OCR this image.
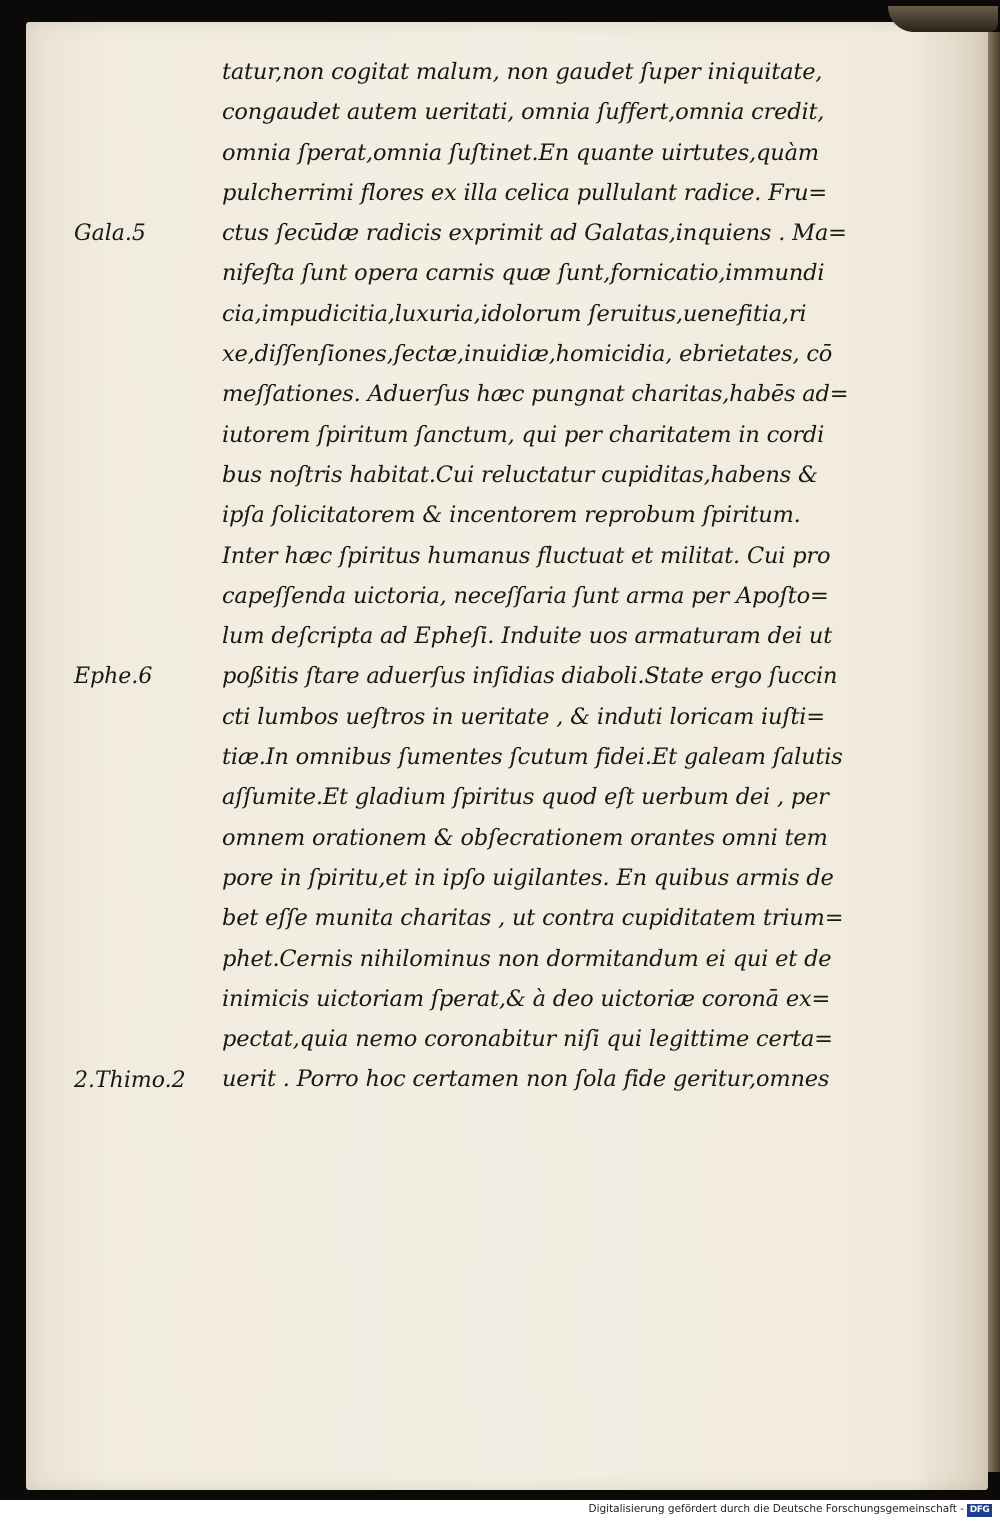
Gala.5
Ephe.6
2.Thimo.2
tatur,non cogitat malum, non gaudet ſuper iniquitate,
congaudet autem ueritati, omnia ſuffert,omnia credit,
omnia ſperat,omnia ſuſtinet.En quante uirtutes,quàm
pulcherrimi flores ex illa celica pullulant radice. Fru=
ctus ſecūdæ radicis exprimit ad Galatas,inquiens . Ma=
nifeſta ſunt opera carnis quæ ſunt,fornicatio,immundi
cia,impudicitia,luxuria,idolorum ſeruitus,uenefitia,ri
xe,diſſenſiones,ſectæ,inuidiæ,homicidia, ebrietates, cō
meſſationes. Aduerſus hæc pungnat charitas,habēs ad=
iutorem ſpiritum ſanctum, qui per charitatem in cordi
bus noſtris habitat.Cui reluctatur cupiditas,habens &
ipſa ſolicitatorem & incentorem reprobum ſpiritum.
Inter hæc ſpiritus humanus fluctuat et militat. Cui pro
capeſſenda uictoria, neceſſaria ſunt arma per Apoſto=
lum deſcripta ad Epheſi. Induite uos armaturam dei ut
poßitis ſtare aduerſus inſidias diaboli.State ergo ſuccin
cti lumbos ueſtros in ueritate , & induti loricam iuſti=
tiæ.In omnibus ſumentes ſcutum fidei.Et galeam ſalutis
aſſumite.Et gladium ſpiritus quod eſt uerbum dei , per
omnem orationem & obſecrationem orantes omni tem
pore in ſpiritu,et in ipſo uigilantes. En quibus armis de
bet eſſe munita charitas , ut contra cupiditatem trium=
phet.Cernis nihilominus non dormitandum ei qui et de
inimicis uictoriam ſperat,& à deo uictoriæ coronā ex=
pectat,quia nemo coronabitur niſi qui legittime certa=
uerit . Porro hoc certamen non ſola fide geritur,omnes
Digitalisierung gefördert durch die Deutsche Forschungsgemeinschaft - DFG
